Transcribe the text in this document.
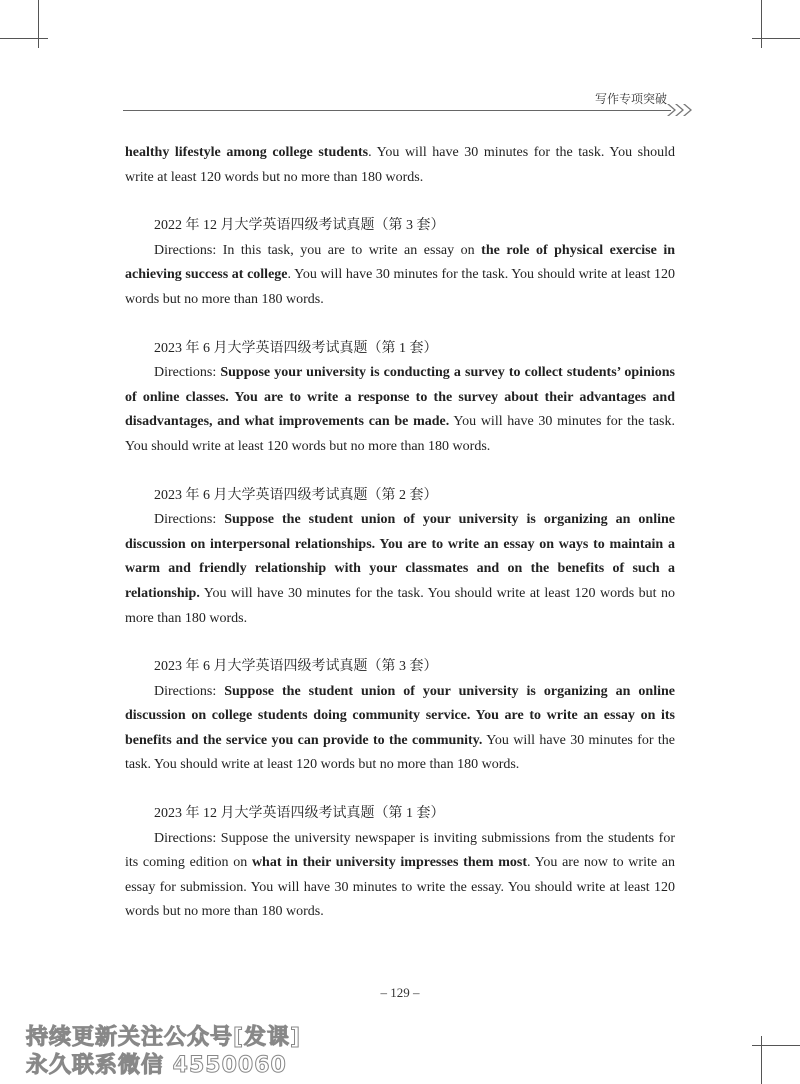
写作专项突破

healthy lifestyle among college students. You will have 30 minutes for the task. You should write at least 120 words but no more than 180 words.

2022 年 12 月大学英语四级考试真题（第 3 套）

Directions: In this task, you are to write an essay on the role of physical exercise in achieving success at college. You will have 30 minutes for the task. You should write at least 120 words but no more than 180 words.

2023 年 6 月大学英语四级考试真题（第 1 套）

Directions: Suppose your university is conducting a survey to collect students’ opinions of online classes. You are to write a response to the survey about their advantages and disadvantages, and what improvements can be made. You will have 30 minutes for the task. You should write at least 120 words but no more than 180 words.

2023 年 6 月大学英语四级考试真题（第 2 套）

Directions: Suppose the student union of your university is organizing an online discussion on interpersonal relationships. You are to write an essay on ways to maintain a warm and friendly relationship with your classmates and on the benefits of such a relationship. You will have 30 minutes for the task. You should write at least 120 words but no more than 180 words.

2023 年 6 月大学英语四级考试真题（第 3 套）

Directions: Suppose the student union of your university is organizing an online discussion on college students doing community service. You are to write an essay on its benefits and the service you can provide to the community. You will have 30 minutes for the task. You should write at least 120 words but no more than 180 words.

2023 年 12 月大学英语四级考试真题（第 1 套）

Directions: Suppose the university newspaper is inviting submissions from the students for its coming edition on what in their university impresses them most. You are now to write an essay for submission. You will have 30 minutes to write the essay. You should write at least 120 words but no more than 180 words.

– 129 –
持续更新关注公众号[发课]
永久联系微信 4550060
